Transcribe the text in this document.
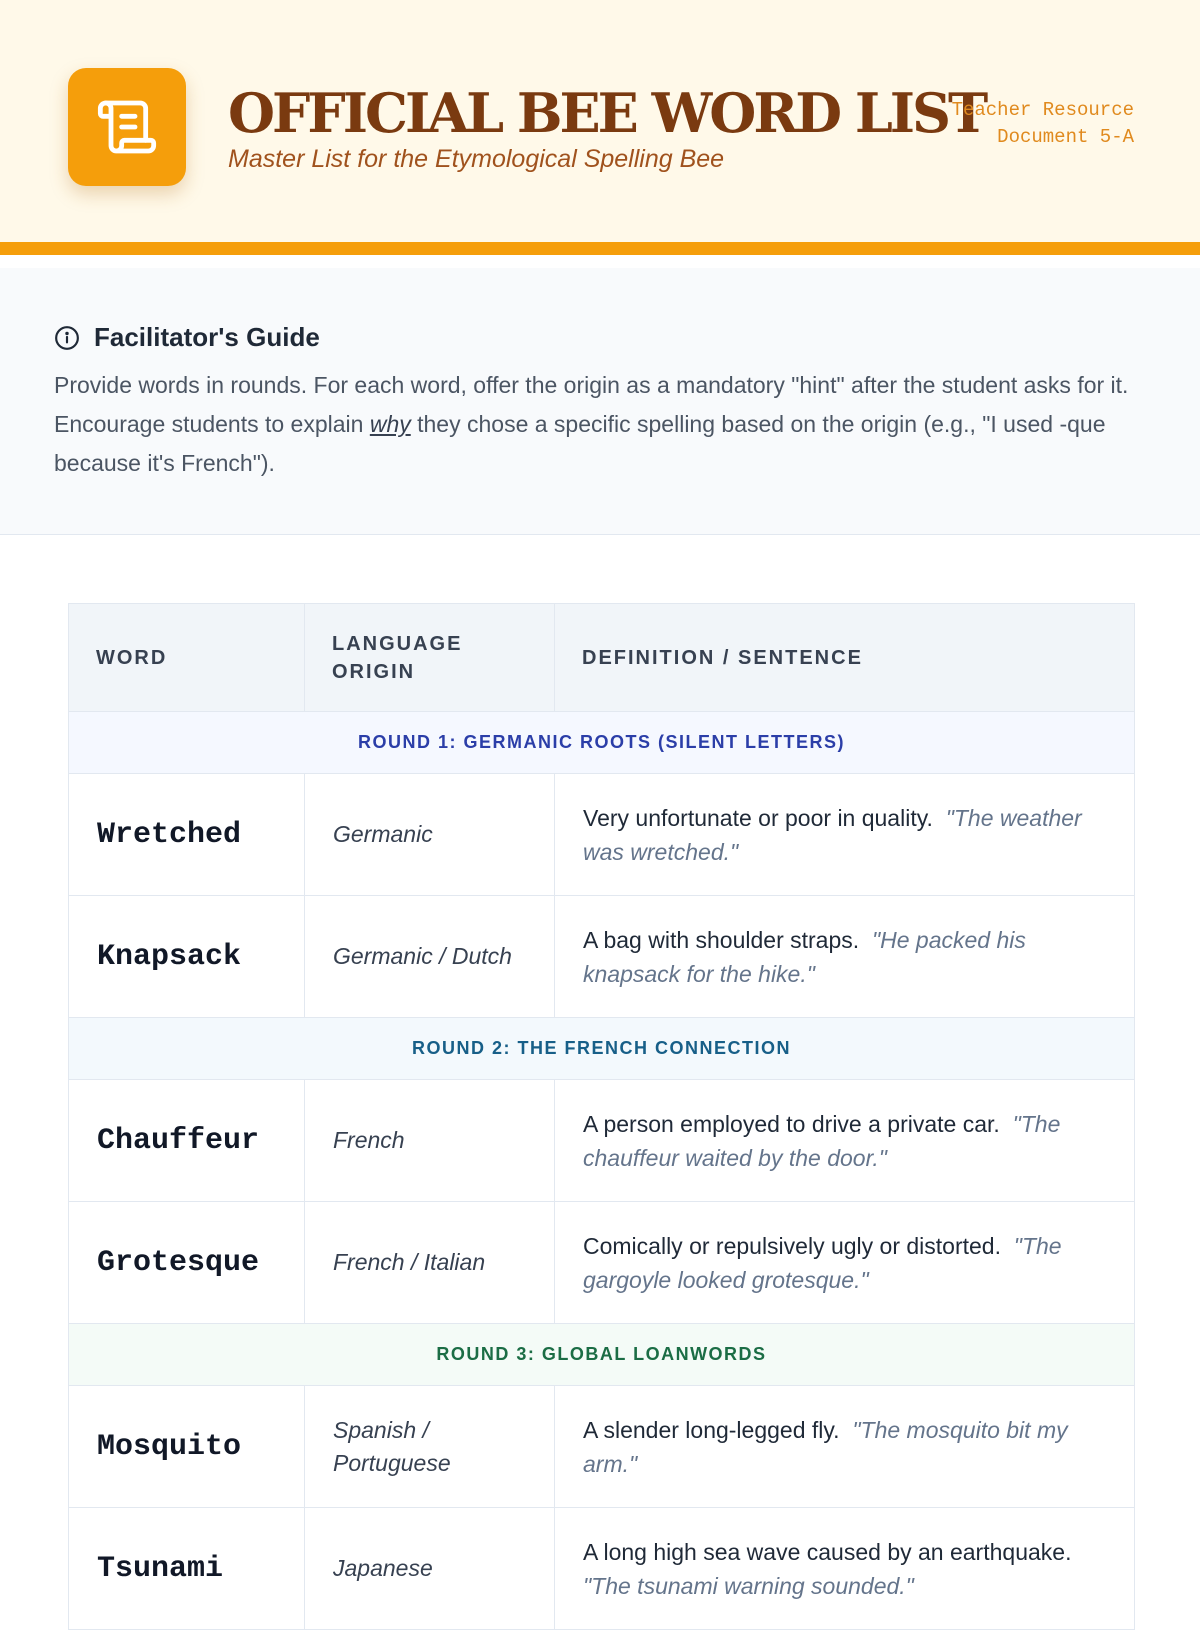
OFFICIAL BEE WORD LIST
Master List for the Etymological Spelling Bee
Teacher Resource
Document 5-A
Facilitator's Guide

Provide words in rounds. For each word, offer the origin as a mandatory "hint" after the student asks for it. Encourage students to explain why they chose a specific spelling based on the origin (e.g., "I used -que because it's French").

WORD	LANGUAGE ORIGIN	DEFINITION / SENTENCE
ROUND 1: GERMANIC ROOTS (SILENT LETTERS)		
Wretched	Germanic	Very unfortunate or poor in quality. "The weather was wretched."
Knapsack	Germanic / Dutch	A bag with shoulder straps. "He packed his knapsack for the hike."
ROUND 2: THE FRENCH CONNECTION		
Chauffeur	French	A person employed to drive a private car. "The chauffeur waited by the door."
Grotesque	French / Italian	Comically or repulsively ugly or distorted. "The gargoyle looked grotesque."
ROUND 3: GLOBAL LOANWORDS		
Mosquito	Spanish / Portuguese	A slender long-legged fly. "The mosquito bit my arm."
Tsunami	Japanese	A long high sea wave caused by an earthquake.  "The tsunami warning sounded."
